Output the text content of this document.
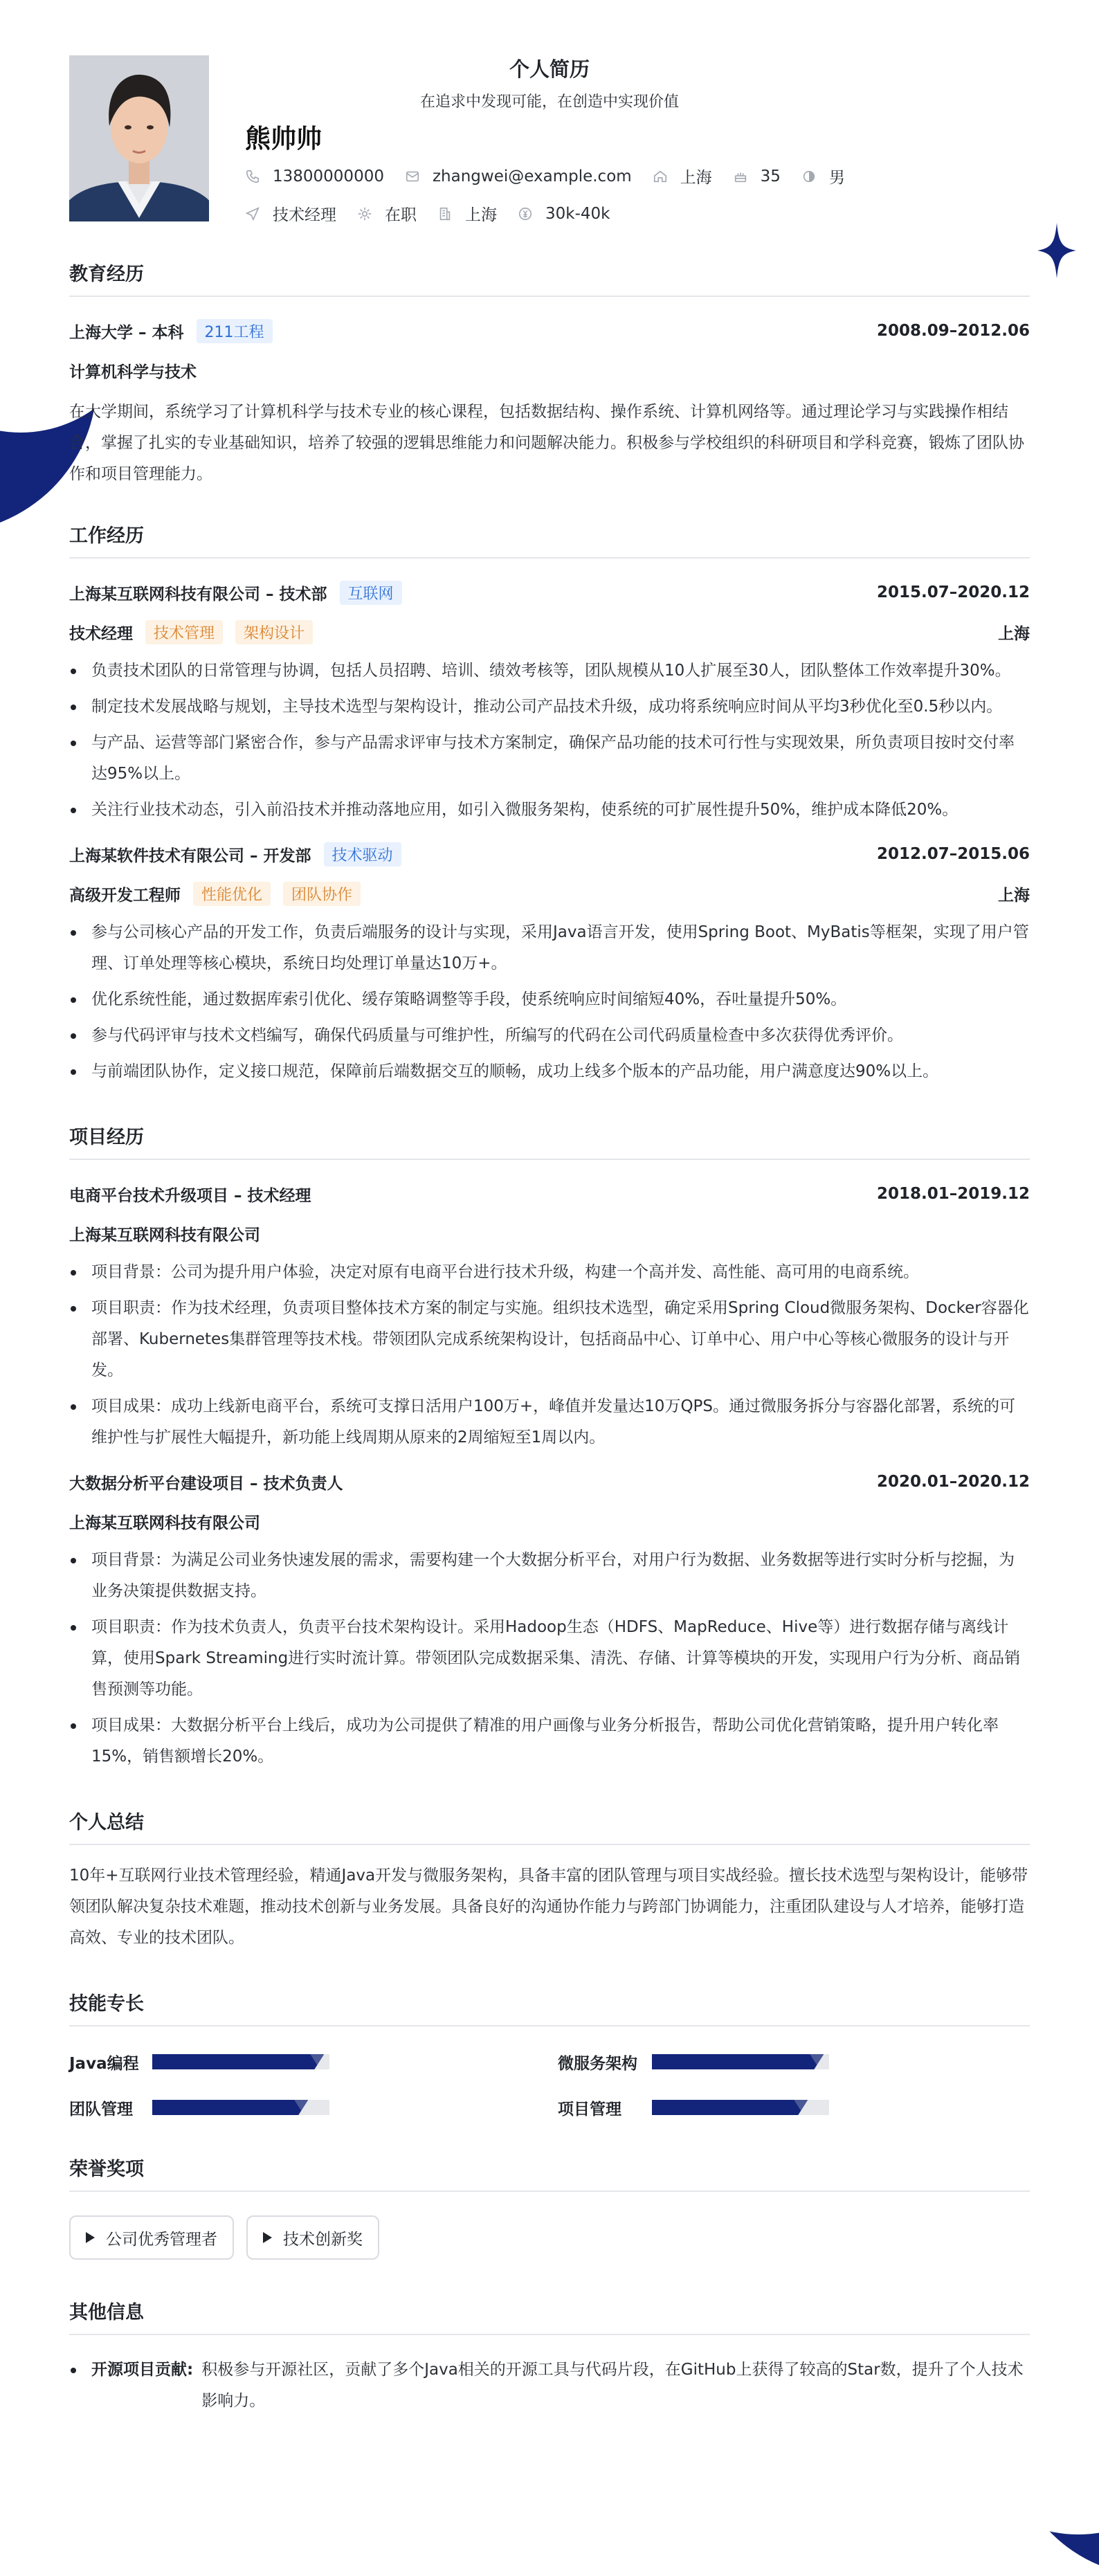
个人简历
在追求中发现可能，在创造中实现价值
熊帅帅
13800000000	zhangwei@example.com	上海	35	男
技术经理	在职	上海	30k-40k
教育经历
上海大学 – 本科	211工程	2008.09–2012.06
计算机科学与技术
在大学期间，系统学习了计算机科学与技术专业的核心课程，包括数据结构、操作系统、计算机网络等。通过理论学习与实践操作相结合，掌握了扎实的专业基础知识，培养了较强的逻辑思维能力和问题解决能力。积极参与学校组织的科研项目和学科竞赛，锻炼了团队协作和项目管理能力。
工作经历
上海某互联网科技有限公司 – 技术部	互联网	2015.07–2020.12
技术经理	技术管理	架构设计	上海
负责技术团队的日常管理与协调，包括人员招聘、培训、绩效考核等，团队规模从10人扩展至30人，团队整体工作效率提升30%。
制定技术发展战略与规划，主导技术选型与架构设计，推动公司产品技术升级，成功将系统响应时间从平均3秒优化至0.5秒以内。
与产品、运营等部门紧密合作，参与产品需求评审与技术方案制定，确保产品功能的技术可行性与实现效果，所负责项目按时交付率达95%以上。
关注行业技术动态，引入前沿技术并推动落地应用，如引入微服务架构，使系统的可扩展性提升50%，维护成本降低20%。
上海某软件技术有限公司 – 开发部	技术驱动	2012.07–2015.06
高级开发工程师	性能优化	团队协作	上海
参与公司核心产品的开发工作，负责后端服务的设计与实现，采用Java语言开发，使用Spring Boot、MyBatis等框架，实现了用户管理、订单处理等核心模块，系统日均处理订单量达10万+。
优化系统性能，通过数据库索引优化、缓存策略调整等手段，使系统响应时间缩短40%，吞吐量提升50%。
参与代码评审与技术文档编写，确保代码质量与可维护性，所编写的代码在公司代码质量检查中多次获得优秀评价。
与前端团队协作，定义接口规范，保障前后端数据交互的顺畅，成功上线多个版本的产品功能，用户满意度达90%以上。
项目经历
电商平台技术升级项目 – 技术经理	2018.01–2019.12
上海某互联网科技有限公司
项目背景：公司为提升用户体验，决定对原有电商平台进行技术升级，构建一个高并发、高性能、高可用的电商系统。
项目职责：作为技术经理，负责项目整体技术方案的制定与实施。组织技术选型，确定采用Spring Cloud微服务架构、Docker容器化部署、Kubernetes集群管理等技术栈。带领团队完成系统架构设计，包括商品中心、订单中心、用户中心等核心微服务的设计与开发。
项目成果：成功上线新电商平台，系统可支撑日活用户100万+，峰值并发量达10万QPS。通过微服务拆分与容器化部署，系统的可维护性与扩展性大幅提升，新功能上线周期从原来的2周缩短至1周以内。
大数据分析平台建设项目 – 技术负责人	2020.01–2020.12
上海某互联网科技有限公司
项目背景：为满足公司业务快速发展的需求，需要构建一个大数据分析平台，对用户行为数据、业务数据等进行实时分析与挖掘，为业务决策提供数据支持。
项目职责：作为技术负责人，负责平台技术架构设计。采用Hadoop生态（HDFS、MapReduce、Hive等）进行数据存储与离线计算，使用Spark Streaming进行实时流计算。带领团队完成数据采集、清洗、存储、计算等模块的开发，实现用户行为分析、商品销售预测等功能。
项目成果：大数据分析平台上线后，成功为公司提供了精准的用户画像与业务分析报告，帮助公司优化营销策略，提升用户转化率15%，销售额增长20%。
个人总结
10年+互联网行业技术管理经验，精通Java开发与微服务架构，具备丰富的团队管理与项目实战经验。擅长技术选型与架构设计，能够带领团队解决复杂技术难题，推动技术创新与业务发展。具备良好的沟通协作能力与跨部门协调能力，注重团队建设与人才培养，能够打造高效、专业的技术团队。
技能专长
Java编程	微服务架构
团队管理	项目管理
荣誉奖项
公司优秀管理者	技术创新奖
其他信息
开源项目贡献: 积极参与开源社区，贡献了多个Java相关的开源工具与代码片段，在GitHub上获得了较高的Star数，提升了个人技术影响力。
